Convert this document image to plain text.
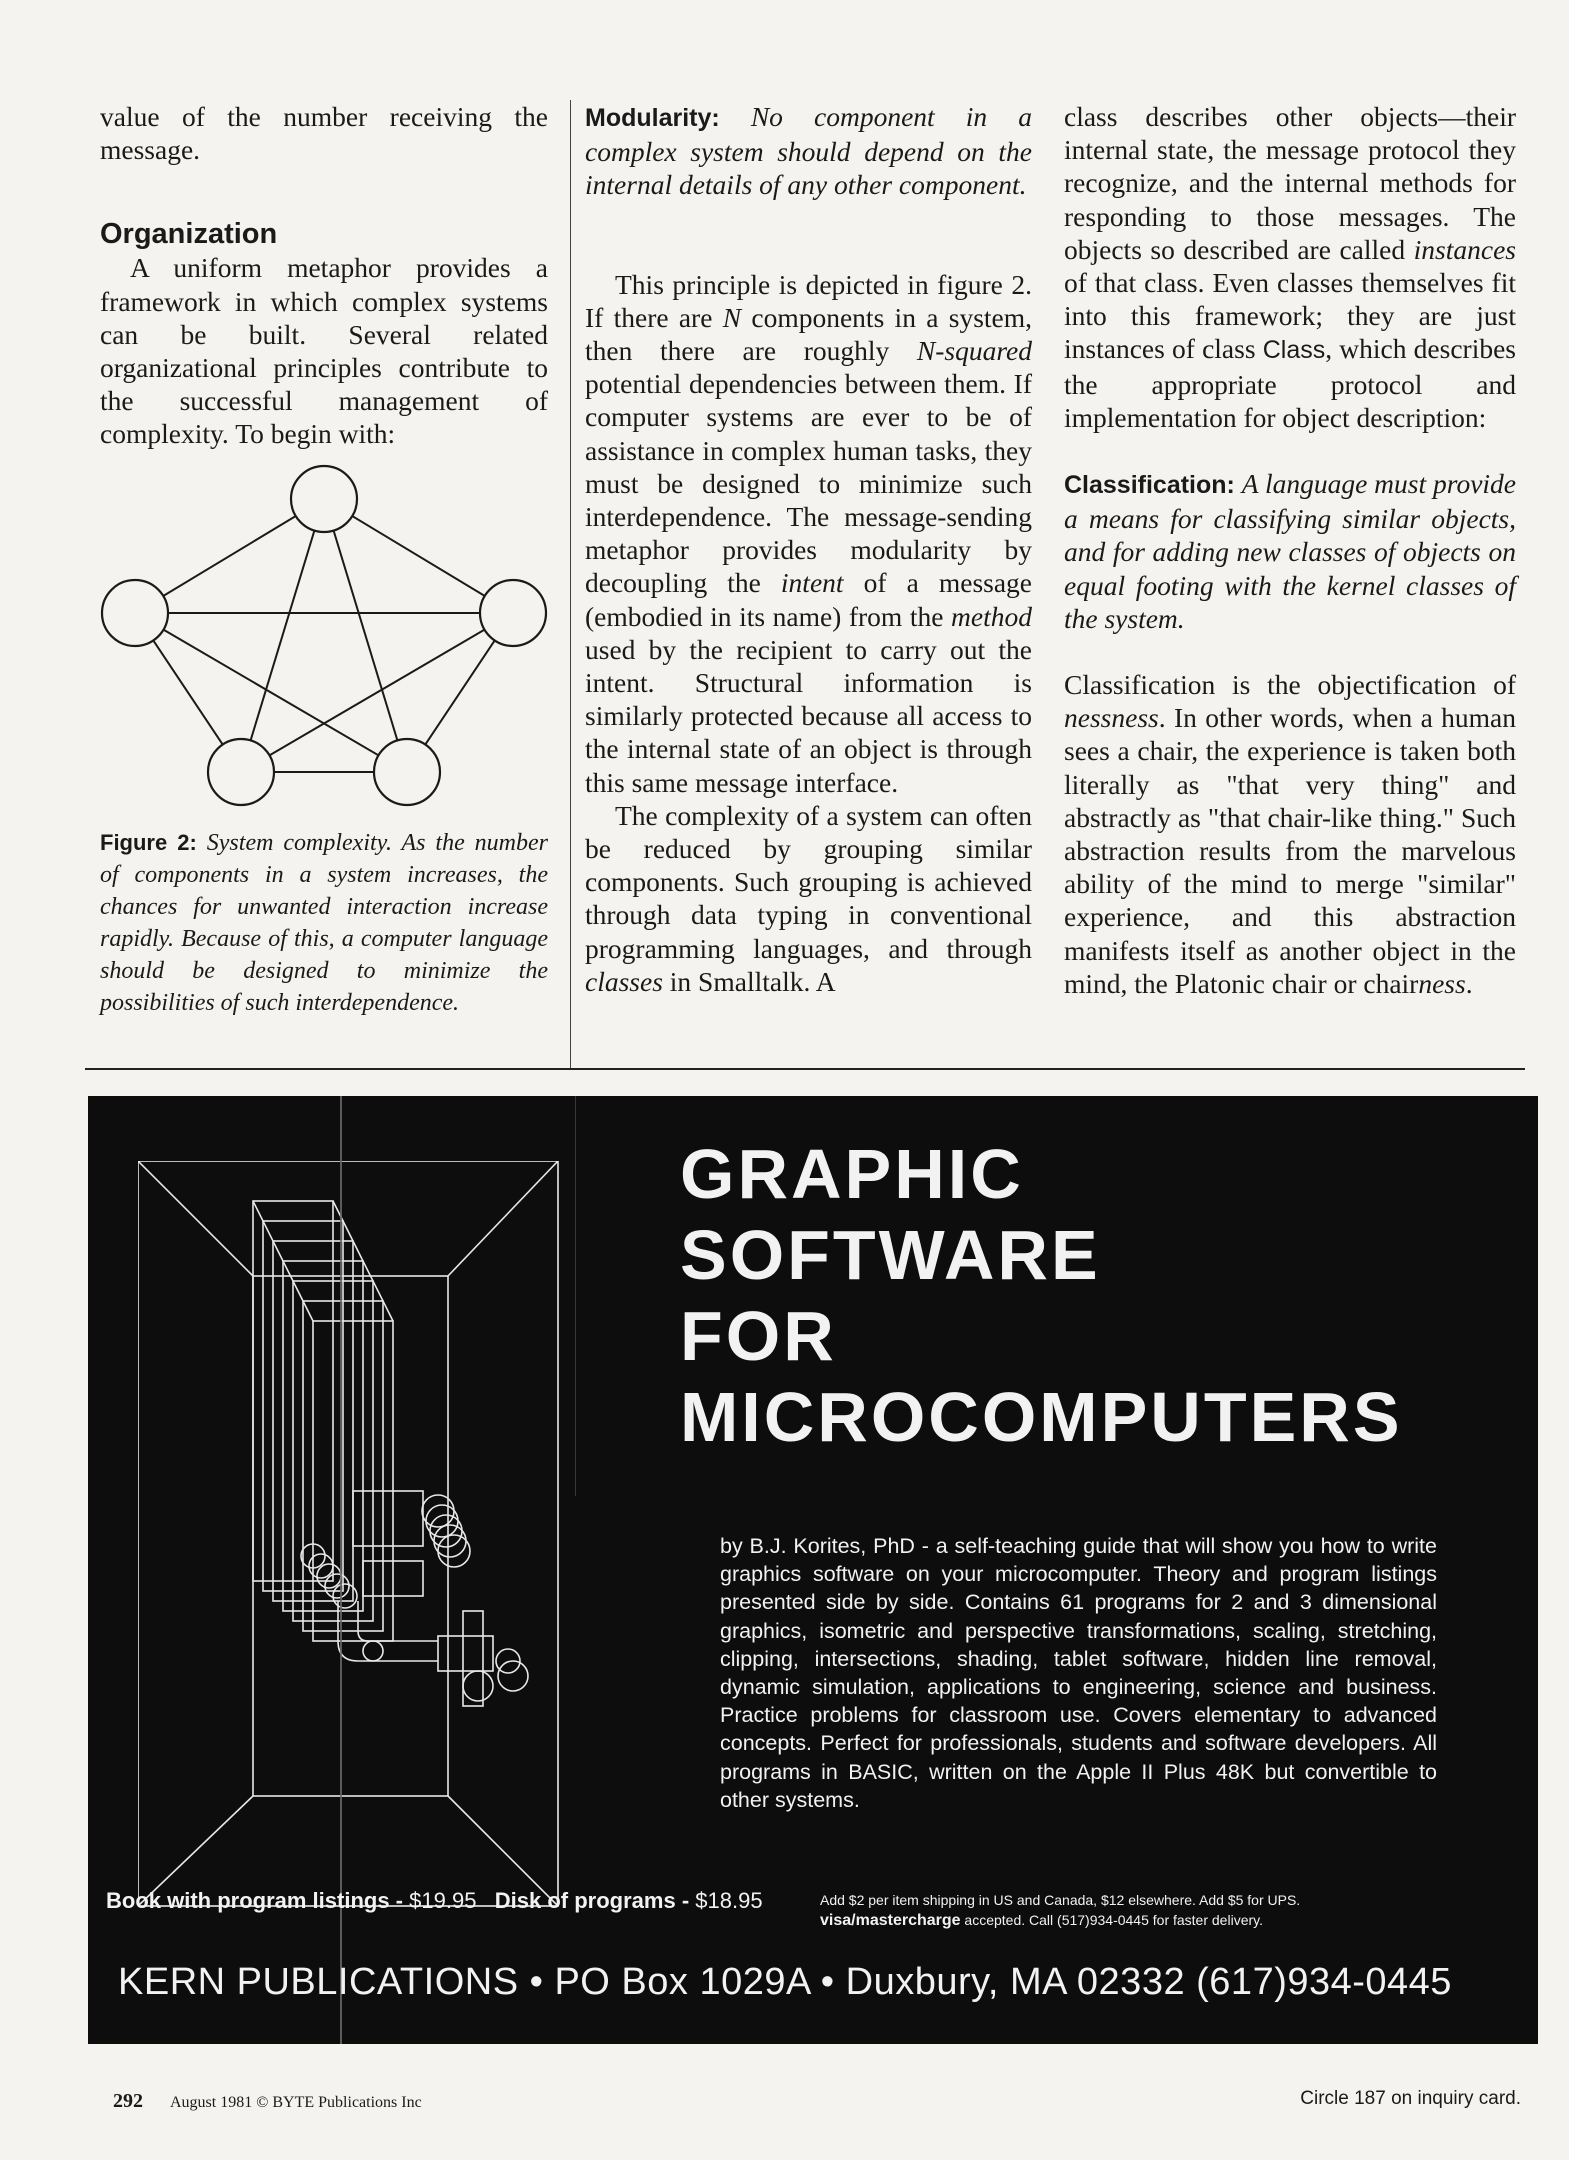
value of the number receiving the message.

Organization

A uniform metaphor provides a framework in which complex systems can be built. Several related organizational principles contribute to the successful management of complexity. To begin with:

Figure 2: System complexity. As the number of components in a system increases, the chances for unwanted interaction increase rapidly. Because of this, a computer language should be designed to minimize the possibilities of such interdependence.

Modularity: No component in a complex system should depend on the internal details of any other component.

This principle is depicted in figure 2. If there are N components in a system, then there are roughly N-squared potential dependencies between them. If computer systems are ever to be of assistance in complex human tasks, they must be designed to minimize such interdependence. The message-sending metaphor provides modularity by decoupling the intent of a message (embodied in its name) from the method used by the recipient to carry out the intent. Structural information is similarly protected because all access to the internal state of an object is through this same message interface.

The complexity of a system can often be reduced by grouping similar components. Such grouping is achieved through data typing in conventional programming languages, and through classes in Smalltalk. A

class describes other objects—their internal state, the message protocol they recognize, and the internal methods for responding to those messages. The objects so described are called instances of that class. Even classes themselves fit into this framework; they are just instances of class Class, which describes the appropriate protocol and implementation for object description:

Classification: A language must provide a means for classifying similar objects, and for adding new classes of objects on equal footing with the kernel classes of the system.

Classification is the objectification of nessness. In other words, when a human sees a chair, the experience is taken both literally as "that very thing" and abstractly as "that chair-like thing." Such abstraction results from the marvelous ability of the mind to merge "similar" experience, and this abstraction manifests itself as another object in the mind, the Platonic chair or chairness.

GRAPHIC
SOFTWARE
FOR
MICROCOMPUTERS

by B.J. Korites, PhD - a self-teaching guide that will show you how to write graphics software on your microcomputer. Theory and program listings presented side by side. Contains 61 programs for 2 and 3 dimensional graphics, isometric and perspective transformations, scaling, stretching, clipping, intersections, shading, tablet software, hidden line removal, dynamic simulation, applications to engineering, science and business. Practice problems for classroom use. Covers elementary to advanced concepts. Perfect for professionals, students and software developers. All programs in BASIC, written on the Apple II Plus 48K but convertible to other systems.

Book with program listings - $19.95 Disk of programs - $18.95	Add $2 per item shipping in US and Canada, $12 elsewhere. Add $5 for UPS.
visa/mastercharge accepted. Call (517)934-0445 for faster delivery.
KERN PUBLICATIONS • PO Box 1029A • Duxbury, MA 02332 (617)934-0445
292 August 1981 © BYTE Publications Inc	Circle 187 on inquiry card.
